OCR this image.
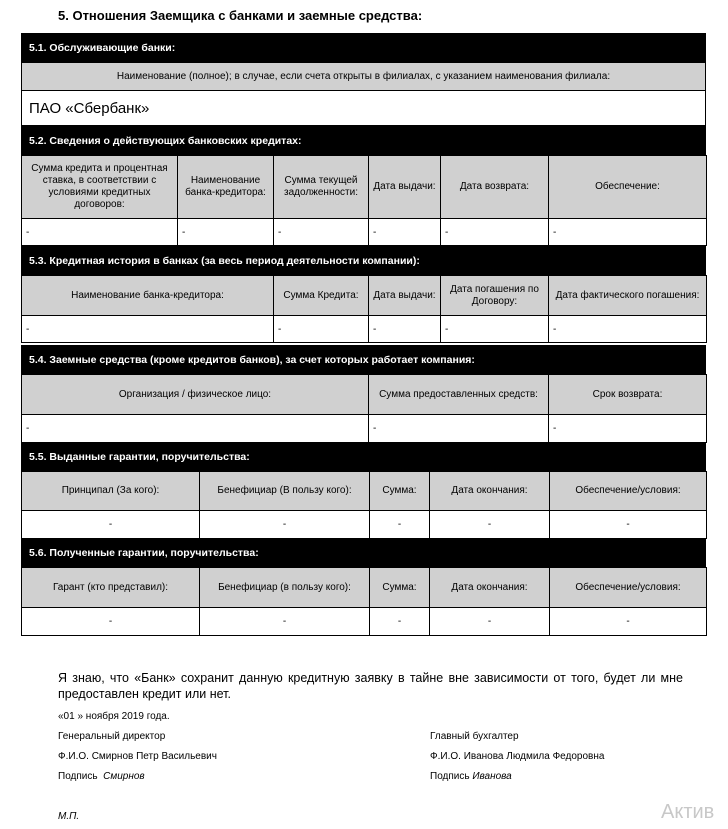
5. Отношения Заемщика с банками и заемные средства:
5.1. Обслуживающие банки:
Наименование (полное); в случае, если счета открыты в филиалах, с указанием наименования филиала:
ПАО «Сбербанк»
5.2. Сведения о действующих банковских кредитах:
Сумма кредита и процентная ставка, в соответствии с условиями кредитных договоров:	Наименование банка-кредитора:	Сумма текущей задолженности:	Дата выдачи:	Дата возврата:	Обеспечение:
-	-	-	-	-	-
5.3. Кредитная история в банках (за весь период деятельности компании):
Наименование банка-кредитора:	Сумма Кредита:	Дата выдачи:	Дата погашения по Договору:	Дата фактического погашения:
-	-	-	-	-
5.4. Заемные средства (кроме кредитов банков), за счет которых работает компания:
Организация / физическое лицо:	Сумма предоставленных средств:	Срок возврата:
-	-	-
5.5. Выданные гарантии, поручительства:
Принципал (За кого):	Бенефициар (В пользу кого):	Сумма:	Дата окончания:	Обеспечение/условия:
-	-	-	-	-
5.6. Полученные гарантии, поручительства:
Гарант (кто представил):	Бенефициар (в пользу кого):	Сумма:	Дата окончания:	Обеспечение/условия:
-	-	-	-	-
Я знаю, что «Банк» сохранит данную кредитную заявку в тайне вне зависимости от того, будет ли мне предоставлен кредит или нет.
«01 » ноября 2019 года.
Генеральный директор	Главный бухгалтер
Ф.И.О. Смирнов Петр Васильевич	Ф.И.О. Иванова Людмила Федоровна
Подпись Смирнов	Подпись Иванова
М.П.	Актив
